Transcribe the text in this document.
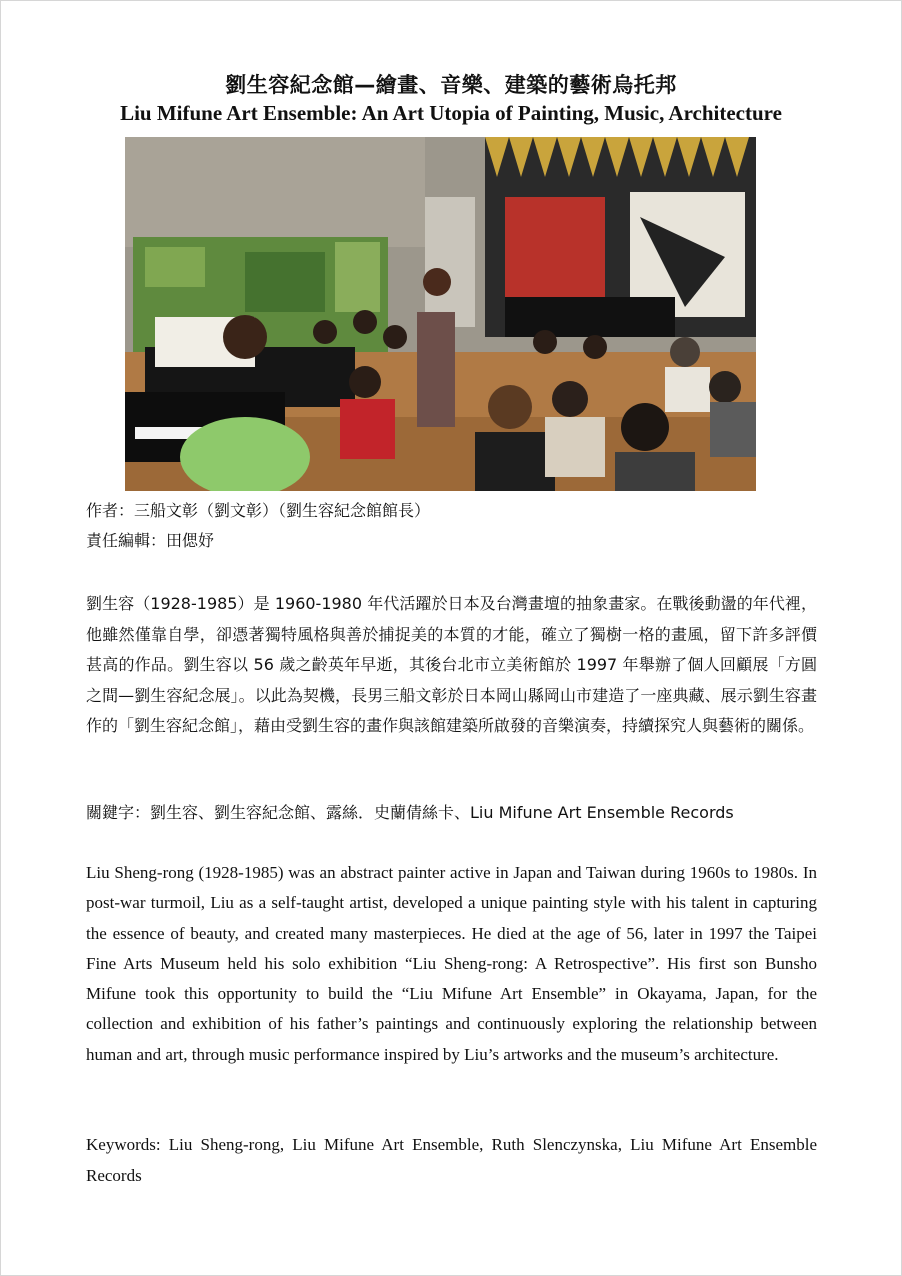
劉生容紀念館—繪畫、音樂、建築的藝術烏托邦
Liu Mifune Art Ensemble: An Art Utopia of Painting, Music, Architecture
作者：三船文彰（劉文彰）（劉生容紀念館館長）
責任編輯：田偲妤
劉生容（1928-1985）是 1960-1980 年代活躍於日本及台灣畫壇的抽象畫家。在戰後動盪的年代裡，他雖然僅靠自學，卻憑著獨特風格與善於捕捉美的本質的才能，確立了獨樹一格的畫風，留下許多評價甚高的作品。劉生容以 56 歲之齡英年早逝，其後台北市立美術館於 1997 年舉辦了個人回顧展「方圓之間—劉生容紀念展」。以此為契機，長男三船文彰於日本岡山縣岡山市建造了一座典藏、展示劉生容畫作的「劉生容紀念館」，藉由受劉生容的畫作與該館建築所啟發的音樂演奏，持續探究人與藝術的關係。
關鍵字：劉生容、劉生容紀念館、露絲．史蘭倩絲卡、Liu Mifune Art Ensemble Records
Liu Sheng-rong (1928-1985) was an abstract painter active in Japan and Taiwan during 1960s to 1980s. In post-war turmoil, Liu as a self-taught artist, developed a unique painting style with his talent in capturing the essence of beauty, and created many masterpieces. He died at the age of 56, later in 1997 the Taipei Fine Arts Museum held his solo exhibition “Liu Sheng-rong: A Retrospective”. His first son Bunsho Mifune took this opportunity to build the “Liu Mifune Art Ensemble” in Okayama, Japan, for the collection and exhibition of his father’s paintings and continuously exploring the relationship between human and art, through music performance inspired by Liu’s artworks and the museum’s architecture.
Keywords: Liu Sheng-rong, Liu Mifune Art Ensemble, Ruth Slenczynska, Liu Mifune Art Ensemble Records
